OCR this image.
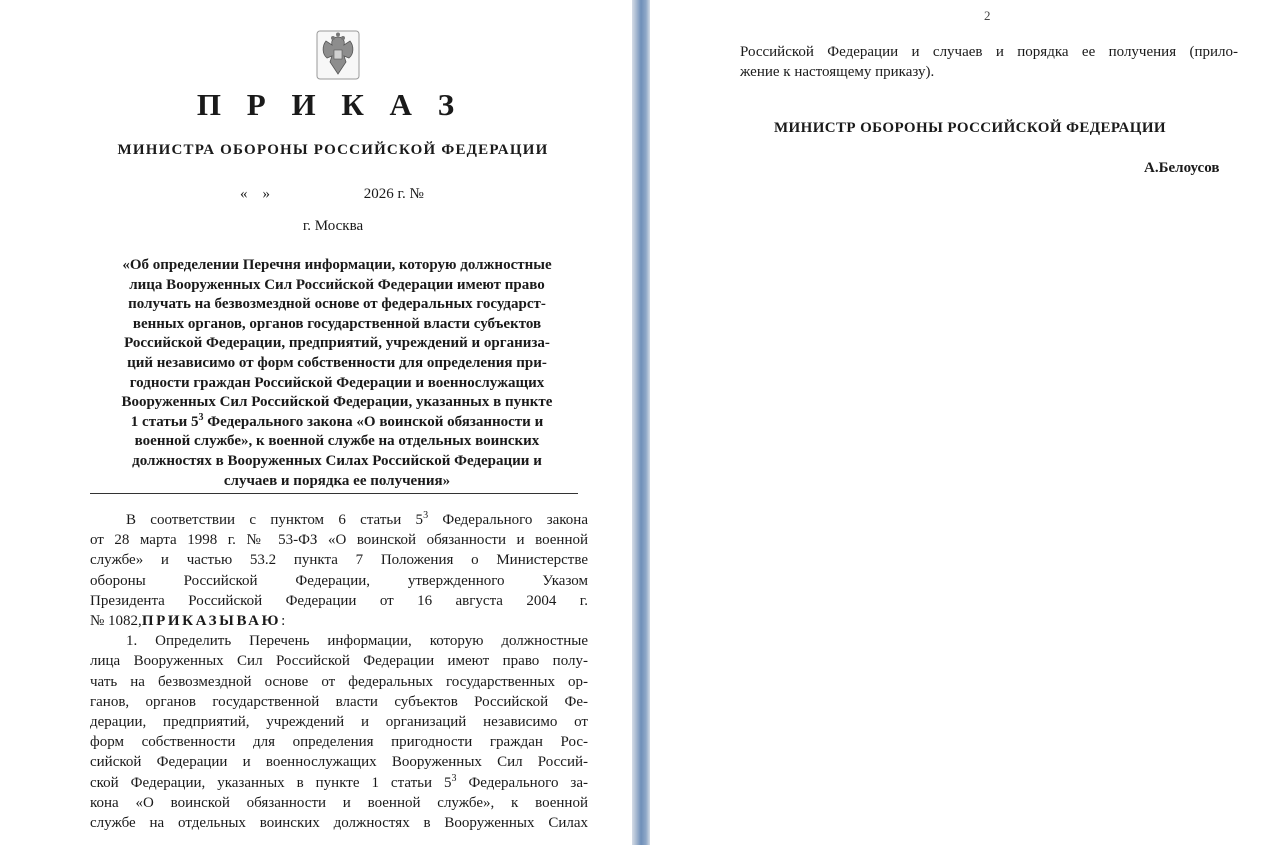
П Р И К А З
МИНИСТРА ОБОРОНЫ РОССИЙСКОЙ ФЕДЕРАЦИИ
«    »                         2026 г. №
г. Москва
«Об определении Перечня информации, которую должностные
лица Вооруженных Сил Российской Федерации имеют право
получать на безвозмездной основе от федеральных государст-
венных органов, органов государственной власти субъектов
Российской Федерации, предприятий, учреждений и организа-
ций независимо от форм собственности для определения при-
годности граждан Российской Федерации и военнослужащих
Вооруженных Сил Российской Федерации, указанных в пункте
1 статьи $5^3$ Федерального закона «О воинской обязанности и
военной службе», к военной службе на отдельных воинских
должностях в Вооруженных Силах Российской Федерации и
случаев и порядка ее получения»
В соответствии с пунктом 6 статьи $5^3$ Федерального закона
от 28 марта 1998 г. № 53-ФЗ «О воинской обязанности и военной
службе» и частью 53.2 пункта 7 Положения о Министерстве
обороны Российской Федерации, утвержденного Указом
Президента Российской Федерации от 16 августа 2004 г.
№ 1082,ПРИКАЗЫВАЮ:
1. Определить Перечень информации, которую должностные
лица Вооруженных Сил Российской Федерации имеют право полу-
чать на безвозмездной основе от федеральных государственных ор-
ганов, органов государственной власти субъектов Российской Фе-
дерации, предприятий, учреждений и организаций независимо от
форм собственности для определения пригодности граждан Рос-
сийской Федерации и военнослужащих Вооруженных Сил Россий-
ской Федерации, указанных в пункте 1 статьи $5^3$ Федерального за-
кона «О воинской обязанности и военной службе», к военной
службе на отдельных воинских должностях в Вооруженных Силах
2
Российской Федерации и случаев и порядка ее получения (прило-
жение к настоящему приказу).
МИНИСТР ОБОРОНЫ РОССИЙСКОЙ ФЕДЕРАЦИИ
А.Белоусов
